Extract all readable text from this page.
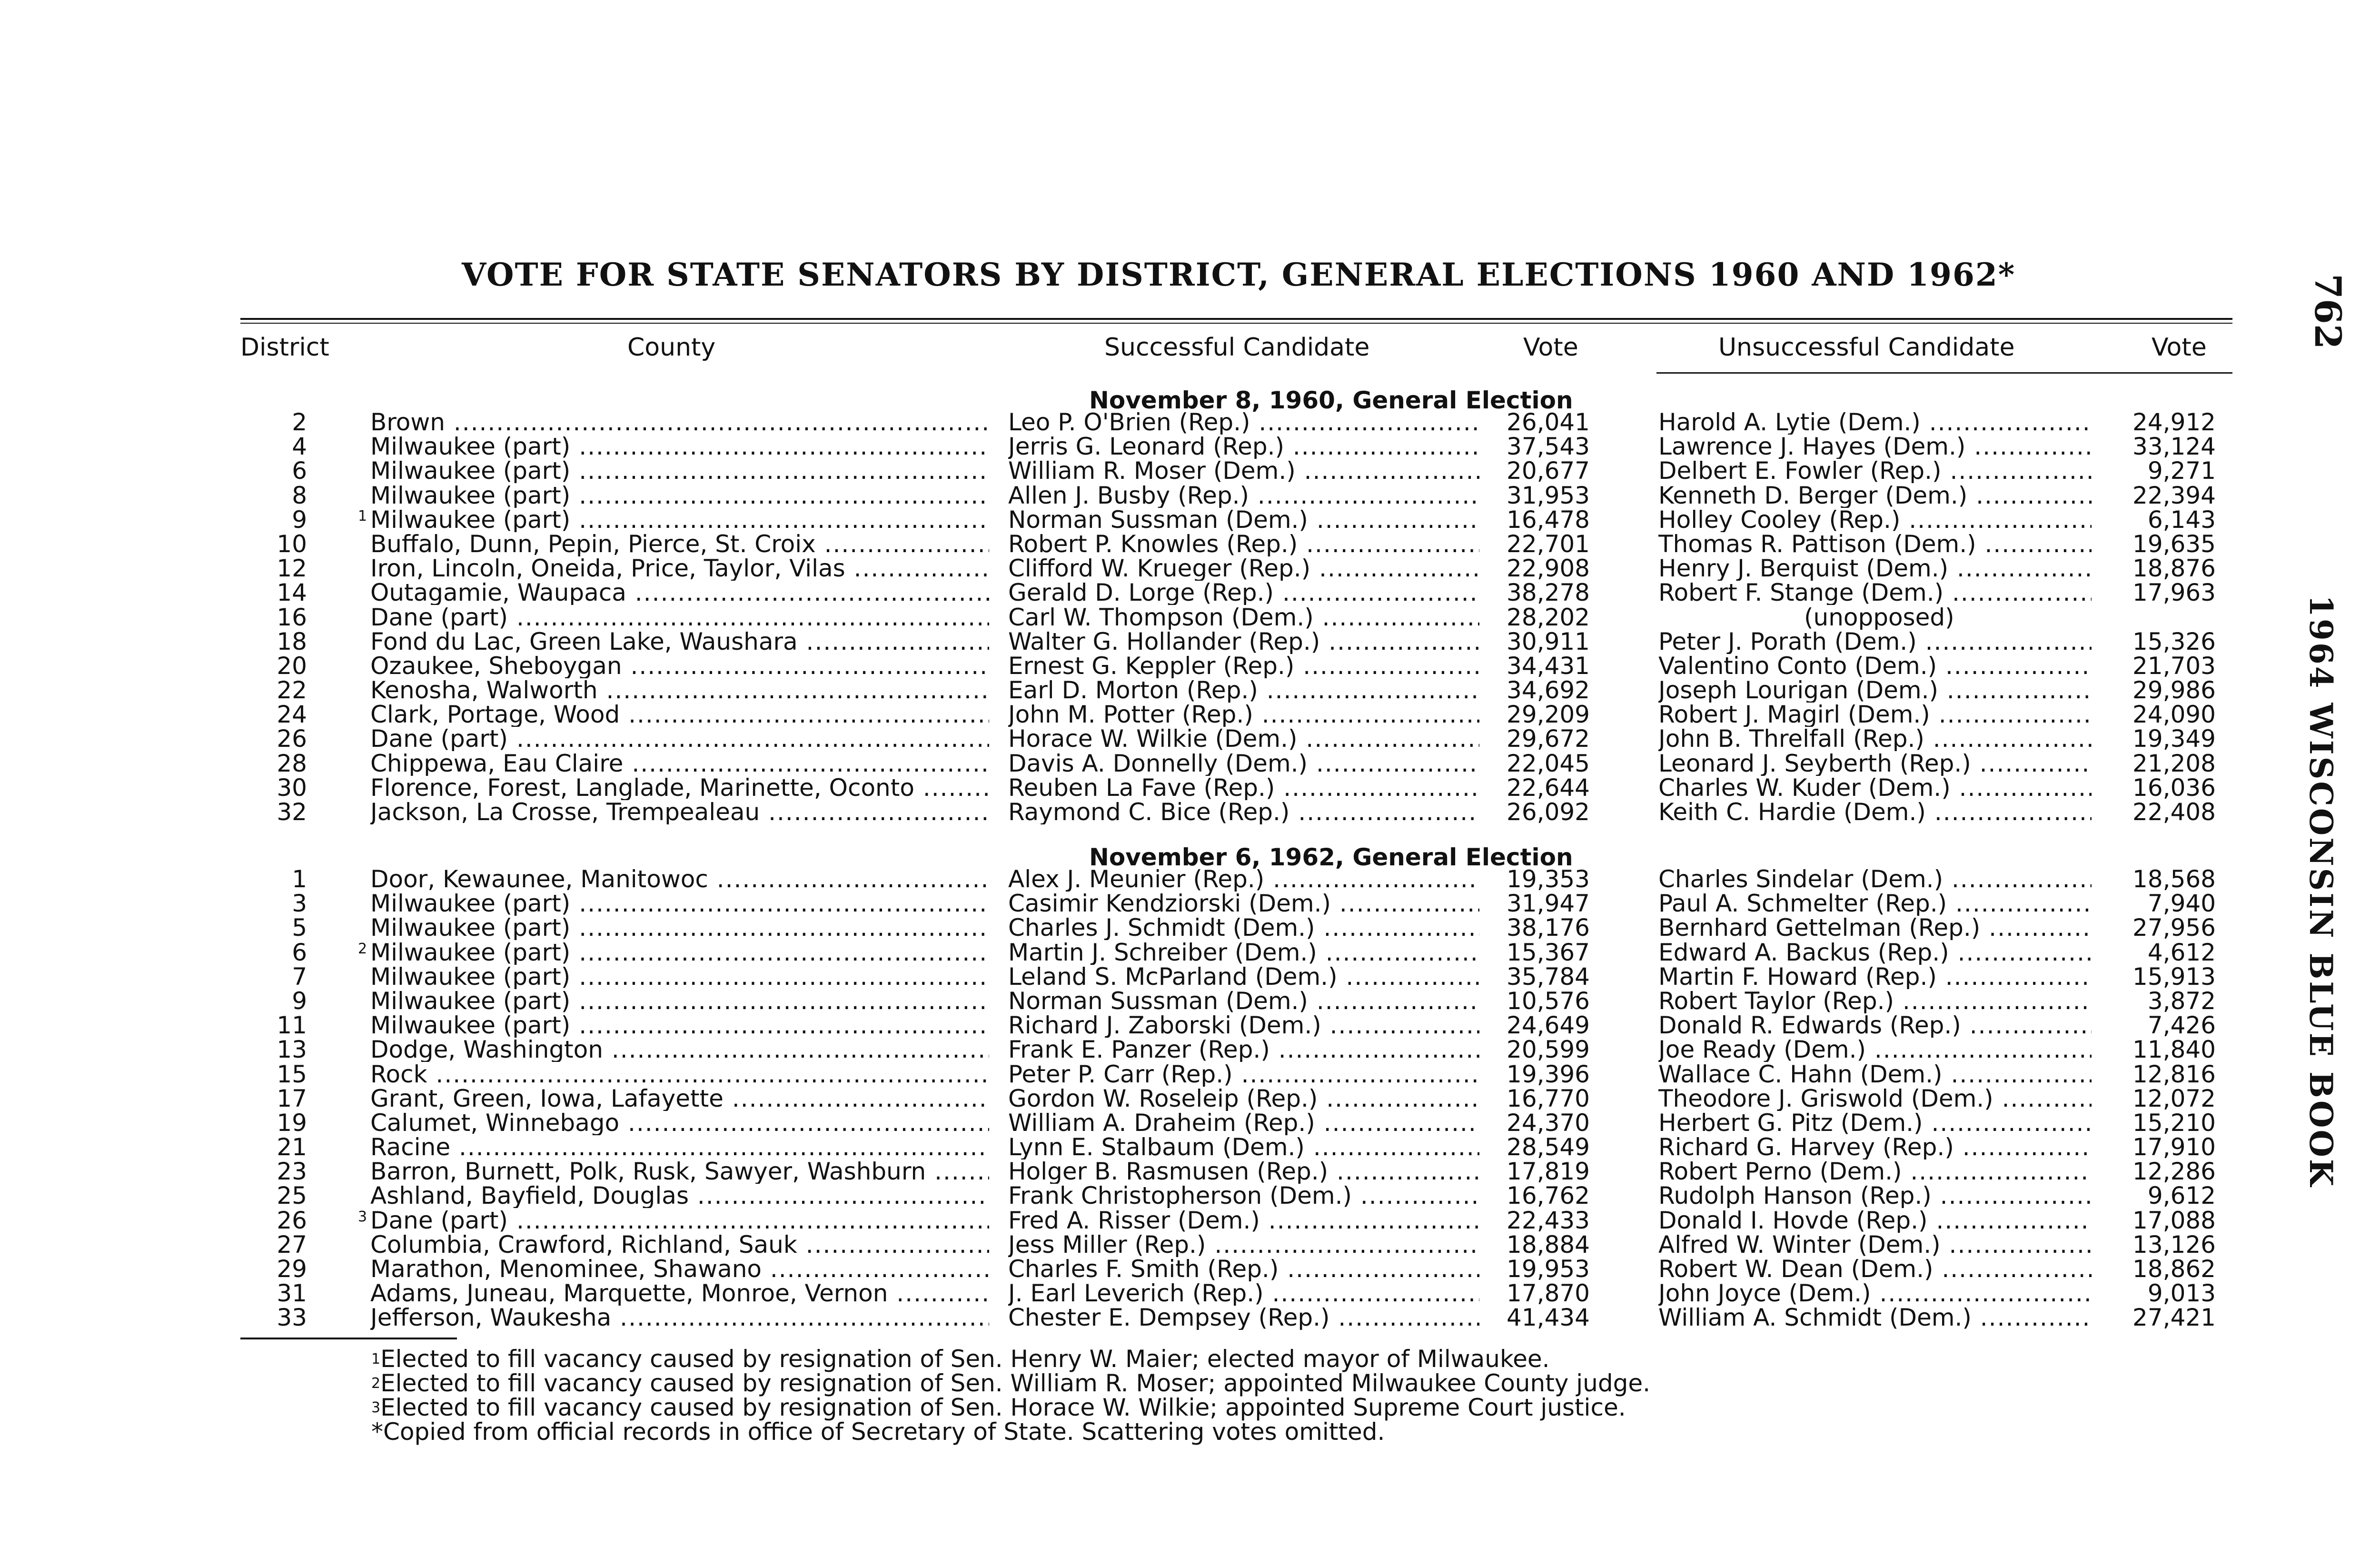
VOTE FOR STATE SENATORS BY DISTRICT, GENERAL ELECTIONS 1960 AND 1962*	762
1964 WISCONSIN BLUE BOOK
District	County	Successful Candidate	Vote	Unsuccessful Candidate	Vote
November 8, 1960, General Election
2	Brown .....	Leo P. O'Brien (Rep.) .....	26,041	Harold A. Lytie (Dem.) .....	24,912
4	Milwaukee (part) .....	Jerris G. Leonard (Rep.) .....	37,543	Lawrence J. Hayes (Dem.) .....	33,124
6	Milwaukee (part) .....	William R. Moser (Dem.) .....	20,677	Delbert E. Fowler (Rep.) .....	9,271
8	Milwaukee (part) .....	Allen J. Busby (Rep.) .....	31,953	Kenneth D. Berger (Dem.) .....	22,394
9	1 Milwaukee (part) .....	Norman Sussman (Dem.) .....	16,478	Holley Cooley (Rep.) .....	6,143
10	Buffalo, Dunn, Pepin, Pierce, St. Croix .....	Robert P. Knowles (Rep.) .....	22,701	Thomas R. Pattison (Dem.) .....	19,635
12	Iron, Lincoln, Oneida, Price, Taylor, Vilas .....	Clifford W. Krueger (Rep.) .....	22,908	Henry J. Berquist (Dem.) .....	18,876
14	Outagamie, Waupaca .....	Gerald D. Lorge (Rep.) .....	38,278	Robert F. Stange (Dem.) .....	17,963
16	Dane (part) .....	Carl W. Thompson (Dem.) .....	28,202	(unopposed)
18	Fond du Lac, Green Lake, Waushara .....	Walter G. Hollander (Rep.) .....	30,911	Peter J. Porath (Dem.) .....	15,326
20	Ozaukee, Sheboygan .....	Ernest G. Keppler (Rep.) .....	34,431	Valentino Conto (Dem.) .....	21,703
22	Kenosha, Walworth .....	Earl D. Morton (Rep.) .....	34,692	Joseph Lourigan (Dem.) .....	29,986
24	Clark, Portage, Wood .....	John M. Potter (Rep.) .....	29,209	Robert J. Magirl (Dem.) .....	24,090
26	Dane (part) .....	Horace W. Wilkie (Dem.) .....	29,672	John B. Threlfall (Rep.) .....	19,349
28	Chippewa, Eau Claire .....	Davis A. Donnelly (Dem.) .....	22,045	Leonard J. Seyberth (Rep.) .....	21,208
30	Florence, Forest, Langlade, Marinette, Oconto .....	Reuben La Fave (Rep.) .....	22,644	Charles W. Kuder (Dem.) .....	16,036
32	Jackson, La Crosse, Trempealeau .....	Raymond C. Bice (Rep.) .....	26,092	Keith C. Hardie (Dem.) .....	22,408
November 6, 1962, General Election
1	Door, Kewaunee, Manitowoc .....	Alex J. Meunier (Rep.) .....	19,353	Charles Sindelar (Dem.) .....	18,568
3	Milwaukee (part) .....	Casimir Kendziorski (Dem.) .....	31,947	Paul A. Schmelter (Rep.) .....	7,940
5	Milwaukee (part) .....	Charles J. Schmidt (Dem.) .....	38,176	Bernhard Gettelman (Rep.) .....	27,956
6	2 Milwaukee (part) .....	Martin J. Schreiber (Dem.) .....	15,367	Edward A. Backus (Rep.) .....	4,612
7	Milwaukee (part) .....	Leland S. McParland (Dem.) .....	35,784	Martin F. Howard (Rep.) .....	15,913
9	Milwaukee (part) .....	Norman Sussman (Dem.) .....	10,576	Robert Taylor (Rep.) .....	3,872
11	Milwaukee (part) .....	Richard J. Zaborski (Dem.) .....	24,649	Donald R. Edwards (Rep.) .....	7,426
13	Dodge, Washington .....	Frank E. Panzer (Rep.) .....	20,599	Joe Ready (Dem.) .....	11,840
15	Rock .....	Peter P. Carr (Rep.) .....	19,396	Wallace C. Hahn (Dem.) .....	12,816
17	Grant, Green, Iowa, Lafayette .....	Gordon W. Roseleip (Rep.) .....	16,770	Theodore J. Griswold (Dem.) .....	12,072
19	Calumet, Winnebago .....	William A. Draheim (Rep.) .....	24,370	Herbert G. Pitz (Dem.) .....	15,210
21	Racine .....	Lynn E. Stalbaum (Dem.) .....	28,549	Richard G. Harvey (Rep.) .....	17,910
23	Barron, Burnett, Polk, Rusk, Sawyer, Washburn .....	Holger B. Rasmusen (Rep.) .....	17,819	Robert Perno (Dem.) .....	12,286
25	Ashland, Bayfield, Douglas .....	Frank Christopherson (Dem.) .....	16,762	Rudolph Hanson (Rep.) .....	9,612
26	3 Dane (part) .....	Fred A. Risser (Dem.) .....	22,433	Donald I. Hovde (Rep.) .....	17,088
27	Columbia, Crawford, Richland, Sauk .....	Jess Miller (Rep.) .....	18,884	Alfred W. Winter (Dem.) .....	13,126
29	Marathon, Menominee, Shawano .....	Charles F. Smith (Rep.) .....	19,953	Robert W. Dean (Dem.) .....	18,862
31	Adams, Juneau, Marquette, Monroe, Vernon .....	J. Earl Leverich (Rep.) .....	17,870	John Joyce (Dem.) .....	9,013
33	Jefferson, Waukesha .....	Chester E. Dempsey (Rep.) .....	41,434	William A. Schmidt (Dem.) .....	27,421
$^1$Elected to fill vacancy caused by resignation of Sen. Henry W. Maier; elected mayor of Milwaukee.
$^2$Elected to fill vacancy caused by resignation of Sen. William R. Moser; appointed Milwaukee County judge.
$^3$Elected to fill vacancy caused by resignation of Sen. Horace W. Wilkie; appointed Supreme Court justice.
*Copied from official records in office of Secretary of State. Scattering votes omitted.
